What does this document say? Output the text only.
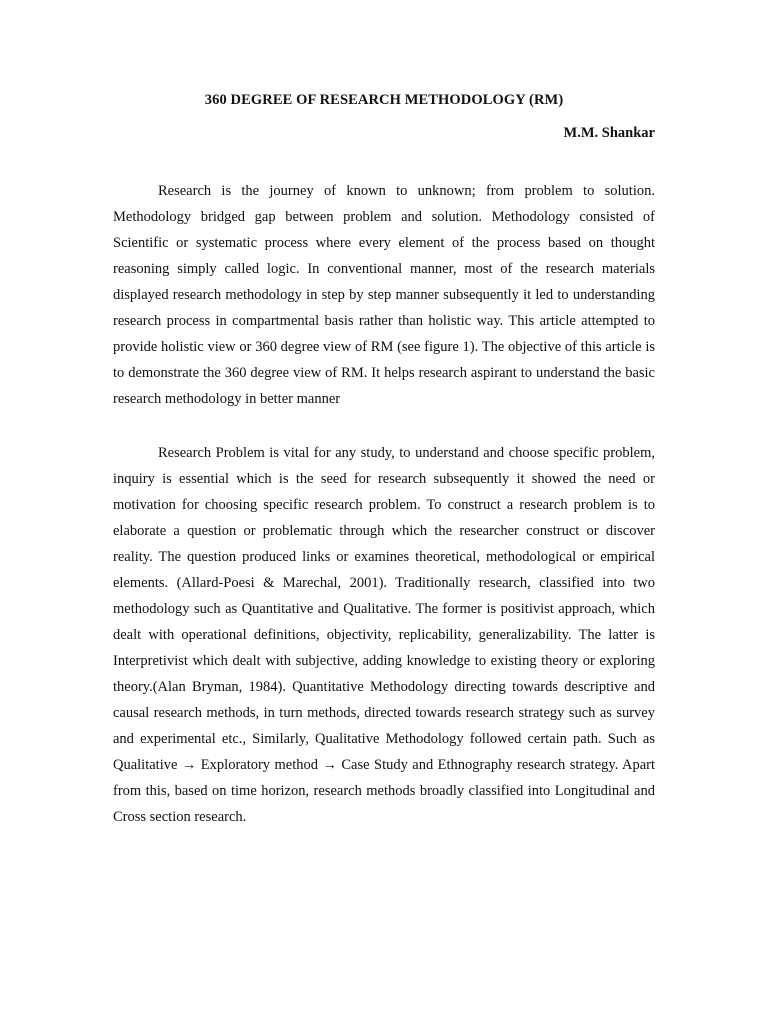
360 DEGREE OF RESEARCH METHODOLOGY (RM)
M.M. Shankar

Research is the journey of known to unknown; from problem to solution. Methodology bridged gap between problem and solution. Methodology consisted of Scientific or systematic process where every element of the process based on thought reasoning simply called logic. In conventional manner, most of the research materials displayed research methodology in step by step manner subsequently it led to understanding research process in compartmental basis rather than holistic way. This article attempted to provide holistic view or 360 degree view of RM (see figure 1). The objective of this article is to demonstrate the 360 degree view of RM. It helps research aspirant to understand the basic research methodology in better manner

Research Problem is vital for any study, to understand and choose specific problem, inquiry is essential which is the seed for research subsequently it showed the need or motivation for choosing specific research problem. To construct a research problem is to elaborate a question or problematic through which the researcher construct or discover reality. The question produced links or examines theoretical, methodological or empirical elements. (Allard-Poesi & Marechal, 2001). Traditionally research, classified into two methodology such as Quantitative and Qualitative. The former is positivist approach, which dealt with operational definitions, objectivity, replicability, generalizability. The latter is Interpretivist which dealt with subjective, adding knowledge to existing theory or exploring theory.(Alan Bryman, 1984). Quantitative Methodology directing towards descriptive and causal research methods, in turn methods, directed towards research strategy such as survey and experimental etc., Similarly, Qualitative Methodology followed certain path. Such as Qualitative → Exploratory method → Case Study and Ethnography research strategy. Apart from this, based on time horizon, research methods broadly classified into Longitudinal and Cross section research.
